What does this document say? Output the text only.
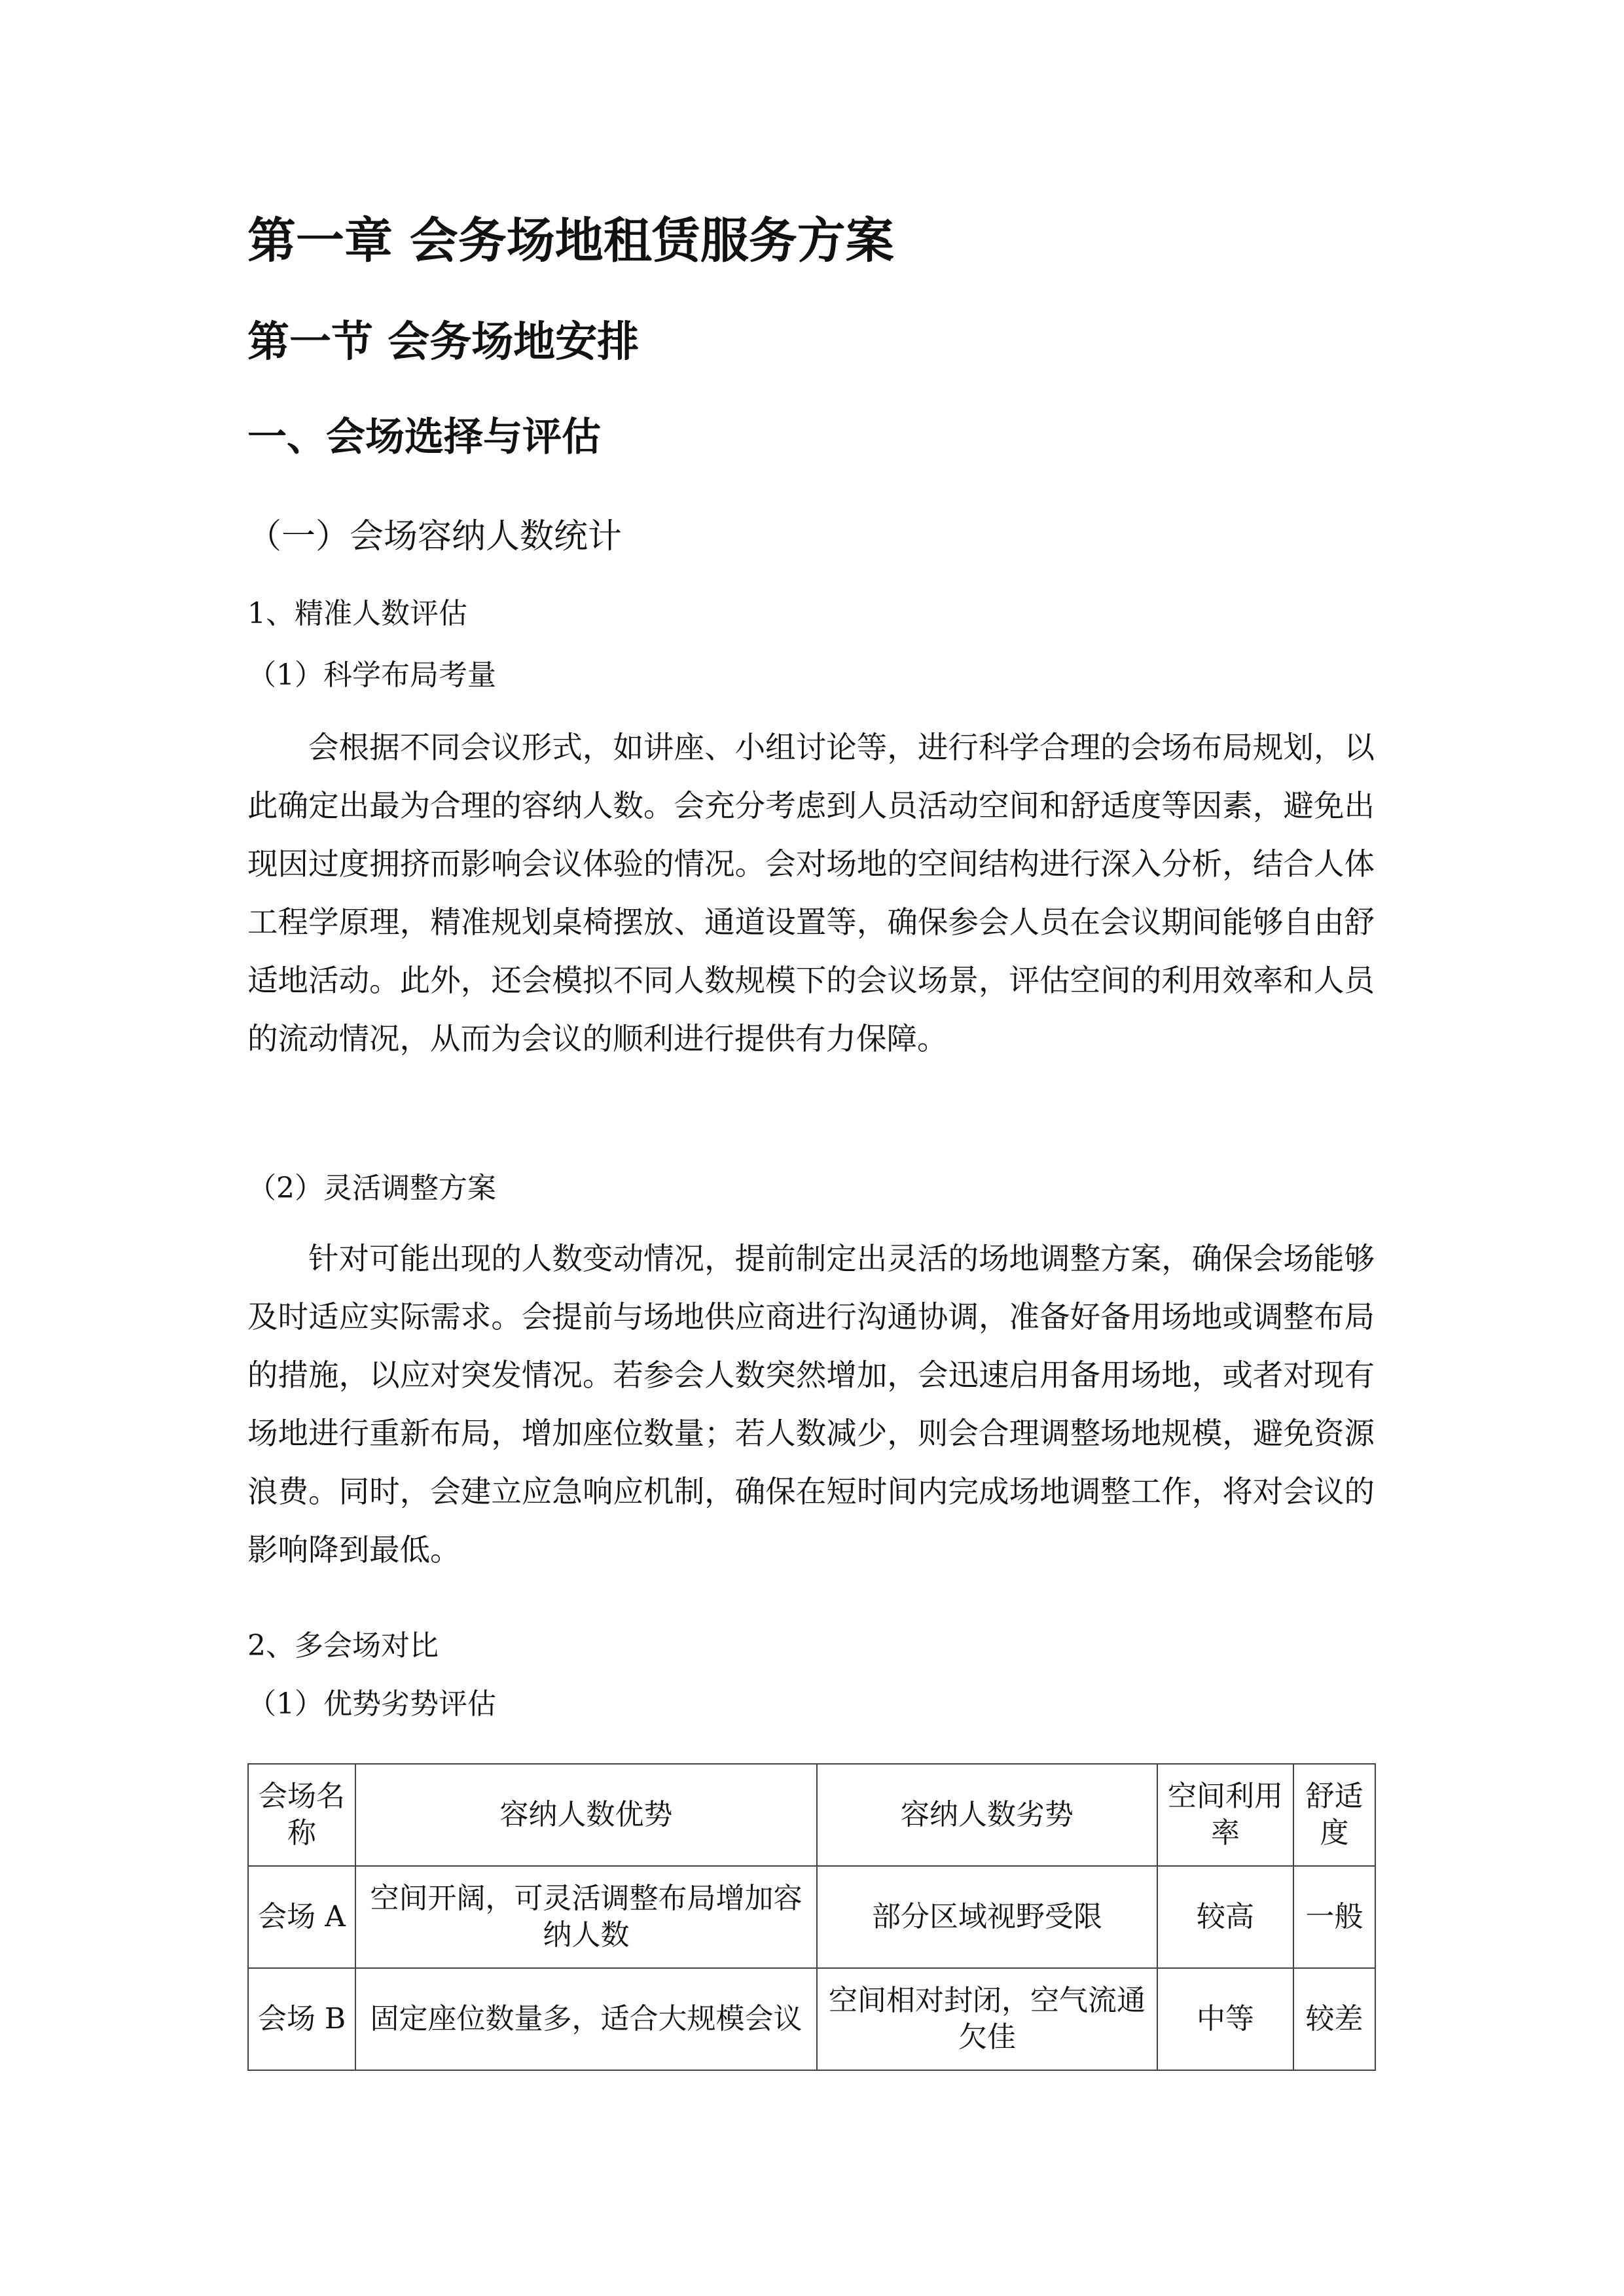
第一章 会务场地租赁服务方案
第一节 会务场地安排
一、会场选择与评估
（一）会场容纳人数统计
1、精准人数评估
（1）科学布局考量

会根据不同会议形式，如讲座、小组讨论等，进行科学合理的会场布局规划，以此确定出最为合理的容纳人数。会充分考虑到人员活动空间和舒适度等因素，避免出现因过度拥挤而影响会议体验的情况。会对场地的空间结构进行深入分析，结合人体工程学原理，精准规划桌椅摆放、通道设置等，确保参会人员在会议期间能够自由舒适地活动。此外，还会模拟不同人数规模下的会议场景，评估空间的利用效率和人员的流动情况，从而为会议的顺利进行提供有力保障。

（2）灵活调整方案

针对可能出现的人数变动情况，提前制定出灵活的场地调整方案，确保会场能够及时适应实际需求。会提前与场地供应商进行沟通协调，准备好备用场地或调整布局的措施，以应对突发情况。若参会人数突然增加，会迅速启用备用场地，或者对现有场地进行重新布局，增加座位数量；若人数减少，则会合理调整场地规模，避免资源浪费。同时，会建立应急响应机制，确保在短时间内完成场地调整工作，将对会议的影响降到最低。

2、多会场对比
（1）优势劣势评估
会场名称	容纳人数优势	容纳人数劣势	空间利用率	舒适度
会场 A	空间开阔，可灵活调整布局增加容纳人数	部分区域视野受限	较高	一般
会场 B	固定座位数量多，适合大规模会议	空间相对封闭，空气流通欠佳	中等	较差
